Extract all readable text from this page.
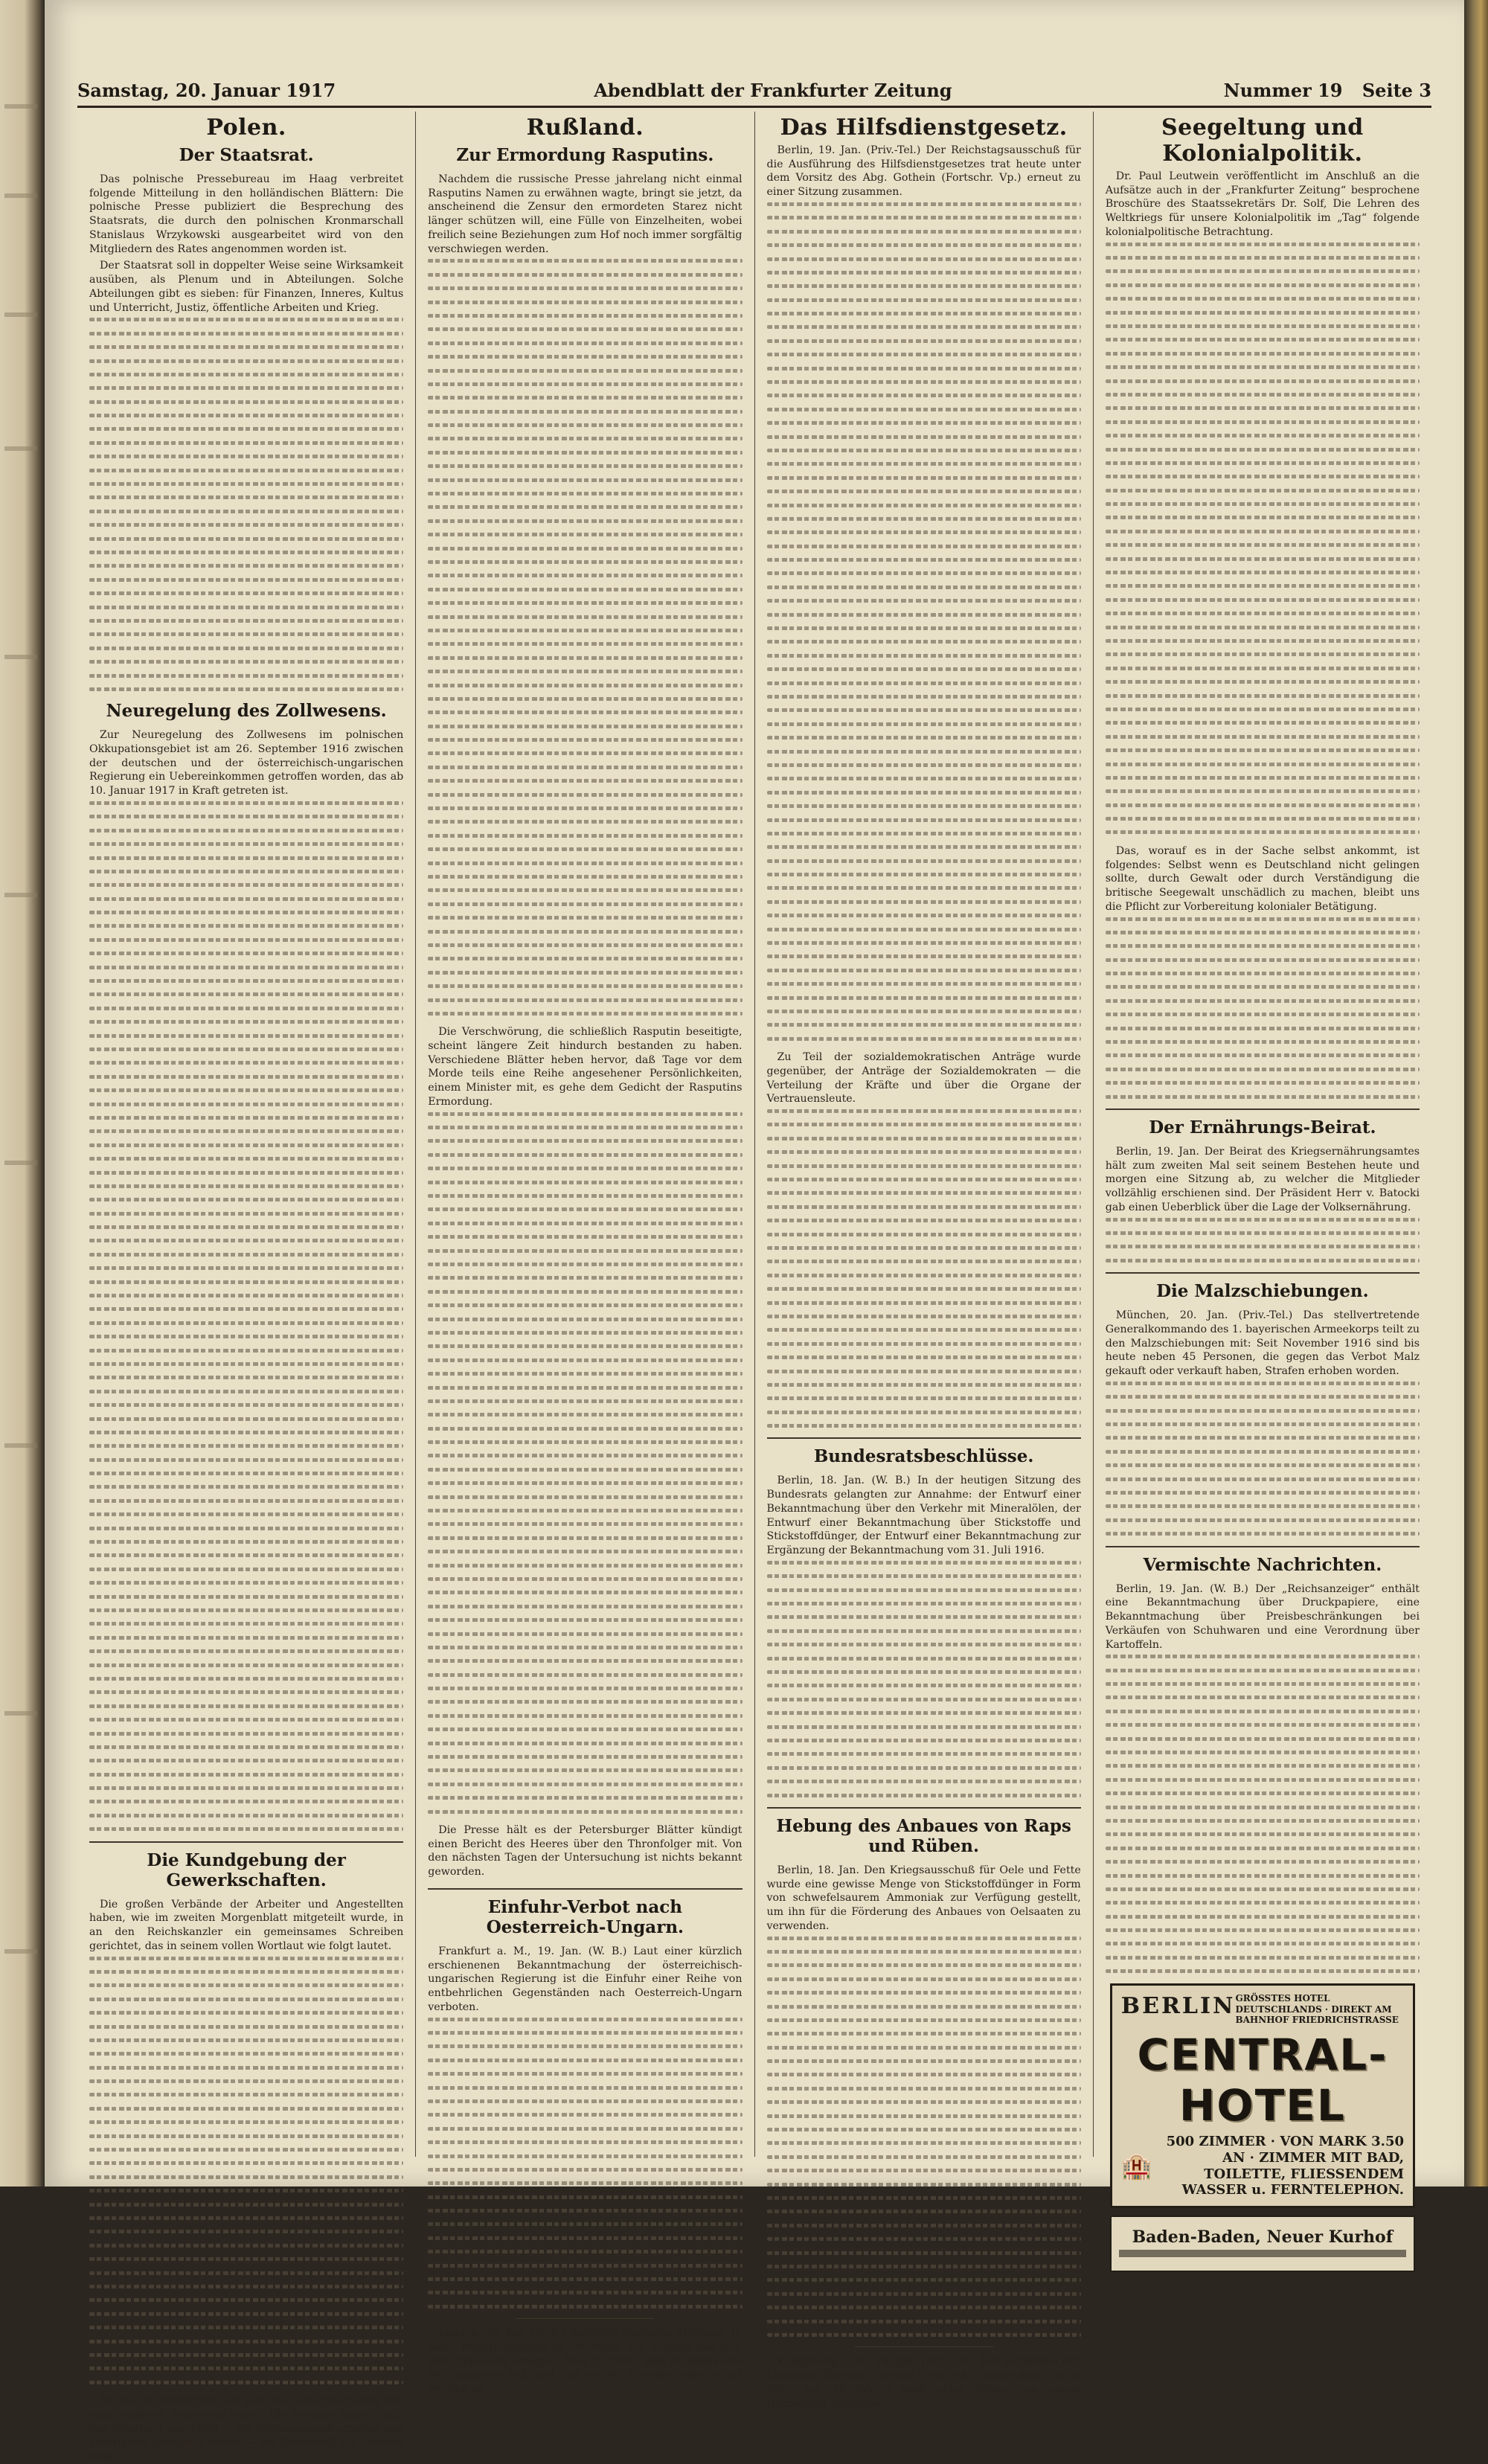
Samstag, 20. Januar 1917	Abendblatt der Frankfurter Zeitung	Nummer 19 Seite 3
Polen.
Der Staatsrat.

Das polnische Pressebureau im Haag verbreitet folgende Mitteilung in den holländischen Blättern: Die polnische Presse publiziert die Besprechung des Staatsrats, die durch den polnischen Kronmarschall Stanislaus Wrzykowski ausgearbeitet wird von den Mitgliedern des Rates angenommen worden ist.

Der Staatsrat soll in doppelter Weise seine Wirksamkeit ausüben, als Plenum und in Abteilungen. Solche Abteilungen gibt es sieben: für Finanzen, Inneres, Kultus und Unterricht, Justiz, öffentliche Arbeiten und Krieg.

Neuregelung des Zollwesens.

Zur Neuregelung des Zollwesens im polnischen Okkupationsgebiet ist am 26. September 1916 zwischen der deutschen und der österreichisch-ungarischen Regierung ein Uebereinkommen getroffen worden, das ab 10. Januar 1917 in Kraft getreten ist.

Die Kundgebung der Gewerkschaften.

Die großen Verbände der Arbeiter und Angestellten haben, wie im zweiten Morgenblatt mitgeteilt wurde, in an den Reichskanzler ein gemeinsames Schreiben gerichtet, das in seinem vollen Wortlaut wie folgt lautet.

Nichts ist natürlicher, als daß die Gewerkschaften von einer anderen Sicherung reden. Die Arbeiter haben stets das Vaterland geschützt — die Volksgenossen ernennt den Vaterlande gewidmet haben — die Dörfschaft für unseren Sieg.

Rußland.
Zur Ermordung Rasputins.

Nachdem die russische Presse jahrelang nicht einmal Rasputins Namen zu erwähnen wagte, bringt sie jetzt, da anscheinend die Zensur den ermordeten Starez nicht länger schützen will, eine Fülle von Einzelheiten, wobei freilich seine Beziehungen zum Hof noch immer sorgfältig verschwiegen werden.

Die Verschwörung, die schließlich Rasputin beseitigte, scheint längere Zeit hindurch bestanden zu haben. Verschiedene Blätter heben hervor, daß Tage vor dem Morde teils eine Reihe angesehener Persönlichkeiten, einem Minister mit, es gehe dem Gedicht der Rasputins Ermordung.

Die Presse hält es der Petersburger Blätter kündigt einen Bericht des Heeres über den Thronfolger mit. Von den nächsten Tagen der Untersuchung ist nichts bekannt geworden.

Einfuhr-Verbot nach Oesterreich-Ungarn.

Frankfurt a. M., 19. Jan. (W. B.) Laut einer kürzlich erschienenen Bekanntmachung der österreichisch-ungarischen Regierung ist die Einfuhr einer Reihe von entbehrlichen Gegenständen nach Oesterreich-Ungarn verboten.

London, 20. Jan. (W. B.) Amtliche englische Meldung. In einer Munitionsfabrik in der Nähe von London hat sich eine Explosion ereignet. Man fürchtet, daß es zahlreiche Tote gegeben hat, und daß großer Schaden angerichtet worden ist.

Das Hilfsdienstgesetz.

Berlin, 19. Jan. (Priv.-Tel.) Der Reichstagsausschuß für die Ausführung des Hilfsdienstgesetzes trat heute unter dem Vorsitz des Abg. Gothein (Fortschr. Vp.) erneut zu einer Sitzung zusammen.

Zu Teil der sozialdemokratischen Anträge wurde gegenüber, der Anträge der Sozialdemokraten — die Verteilung der Kräfte und über die Organe der Vertrauensleute.

Bundesratsbeschlüsse.

Berlin, 18. Jan. (W. B.) In der heutigen Sitzung des Bundesrats gelangten zur Annahme: der Entwurf einer Bekanntmachung über den Verkehr mit Mineralölen, der Entwurf einer Bekanntmachung über Stickstoffe und Stickstoffdünger, der Entwurf einer Bekanntmachung zur Ergänzung der Bekanntmachung vom 31. Juli 1916.

Hebung des Anbaues von Raps und Rüben.

Berlin, 18. Jan. Den Kriegsausschuß für Oele und Fette wurde eine gewisse Menge von Stickstoffdünger in Form von schwefelsaurem Ammoniak zur Verfügung gestellt, um ihn für die Förderung des Anbaues von Oelsaaten zu verwenden.

Königsberg i. Pr., 19. Jan. (Priv.-Tel.) Der Feldwebel der Landwehr-Division General Siegfried (Gutsbesitzer) ist im Alter von 70 Jahren nach einer Sitzung an einem Herzschlag gestorben.

Seegeltung und Kolonialpolitik.

Dr. Paul Leutwein veröffentlicht im Anschluß an die Aufsätze auch in der „Frankfurter Zeitung“ besprochene Broschüre des Staatssekretärs Dr. Solf, Die Lehren des Weltkriegs für unsere Kolonialpolitik im „Tag“ folgende kolonialpolitische Betrachtung.

Das, worauf es in der Sache selbst ankommt, ist folgendes: Selbst wenn es Deutschland nicht gelingen sollte, durch Gewalt oder durch Verständigung die britische Seegewalt unschädlich zu machen, bleibt uns die Pflicht zur Vorbereitung kolonialer Betätigung.

Der Ernährungs-Beirat.

Berlin, 19. Jan. Der Beirat des Kriegsernährungsamtes hält zum zweiten Mal seit seinem Bestehen heute und morgen eine Sitzung ab, zu welcher die Mitglieder vollzählig erschienen sind. Der Präsident Herr v. Batocki gab einen Ueberblick über die Lage der Volksernährung.

Die Malzschiebungen.

München, 20. Jan. (Priv.-Tel.) Das stellvertretende Generalkommando des 1. bayerischen Armeekorps teilt zu den Malzschiebungen mit: Seit November 1916 sind bis heute neben 45 Personen, die gegen das Verbot Malz gekauft oder verkauft haben, Strafen erhoben worden.

Vermischte Nachrichten.

Berlin, 19. Jan. (W. B.) Der „Reichsanzeiger“ enthält eine Bekanntmachung über Druckpapiere, eine Bekanntmachung über Preisbeschränkungen bei Verkäufen von Schuhwaren und eine Verordnung über Kartoffeln.

BERLIN GRÖSSTES HOTEL DEUTSCHLANDS · DIREKT AM BAHNHOF FRIEDRICHSTRASSE
CENTRAL-HOTEL
🏨
500 ZIMMER · VON MARK 3.50 AN · ZIMMER MIT BAD, TOILETTE, FLIESSENDEM WASSER u. FERNTELEPHON.
Baden-Baden, Neuer Kurhof
